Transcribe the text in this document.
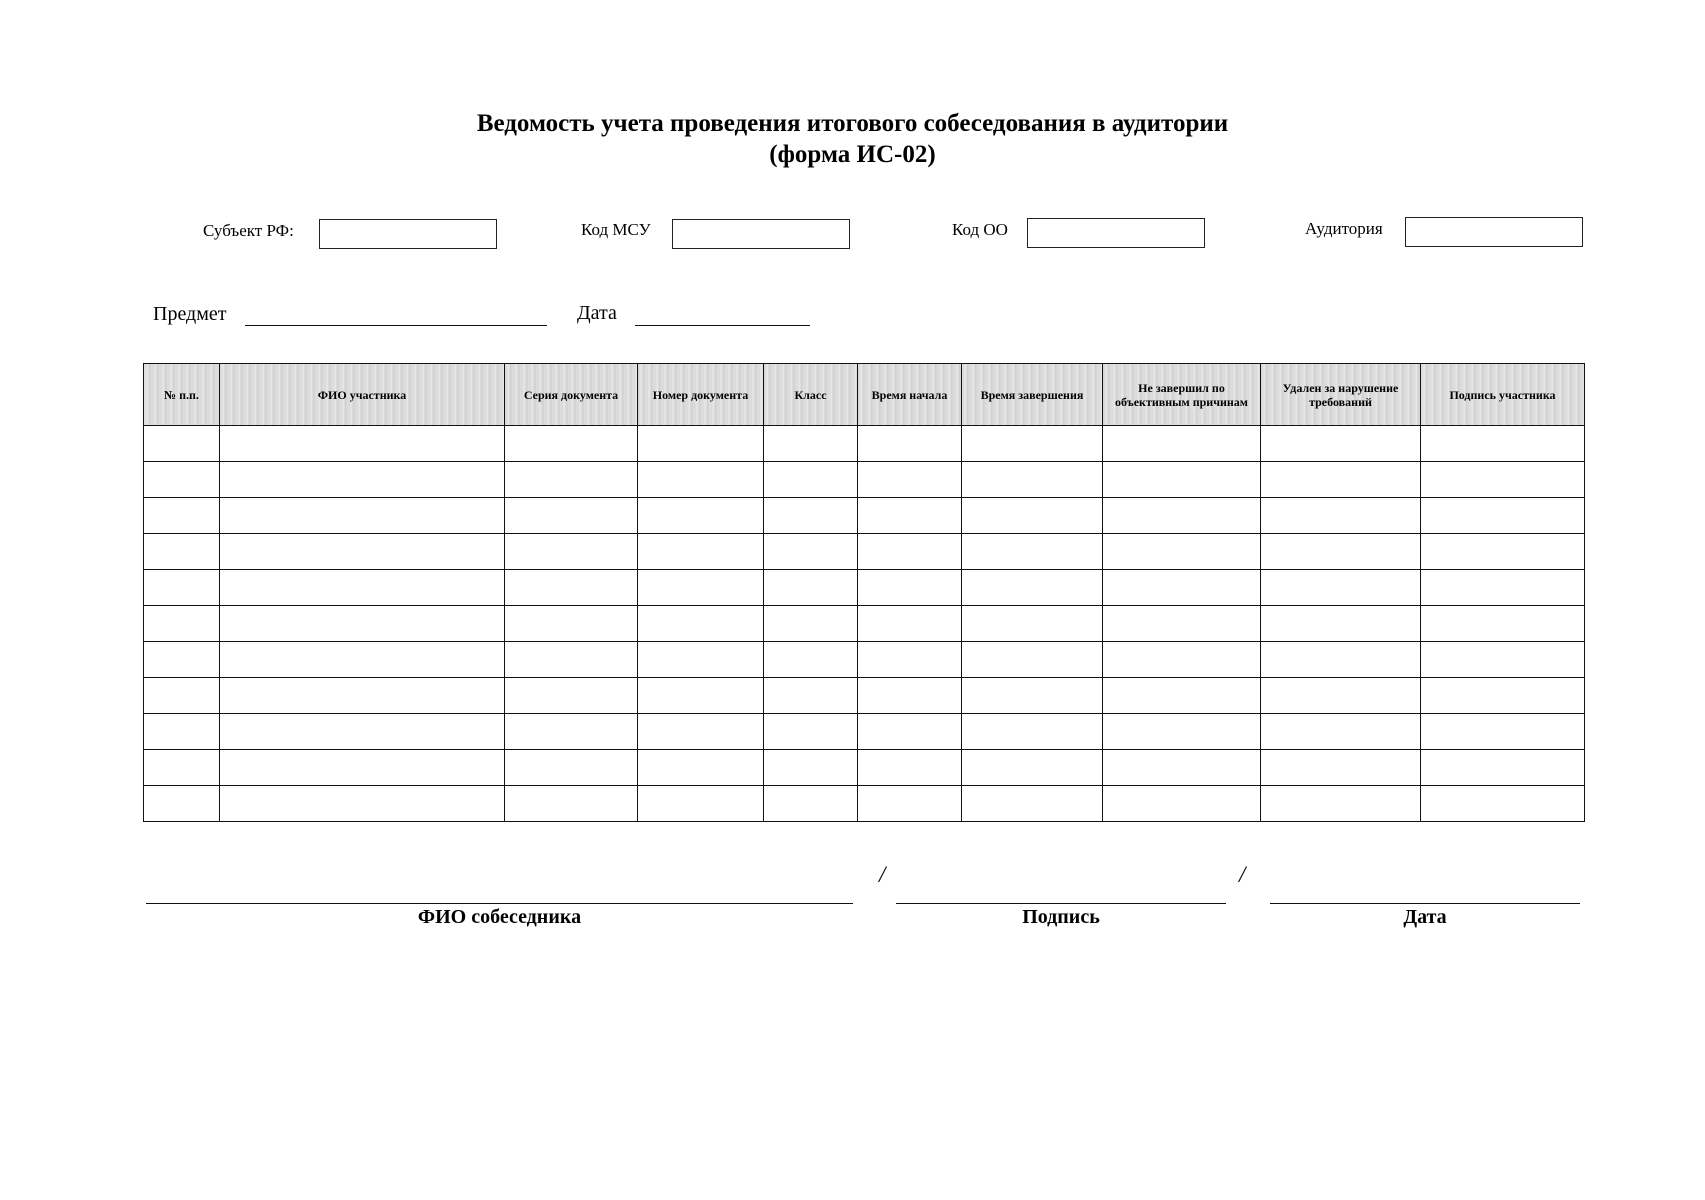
Ведомость учета проведения итогового собеседования в аудитории
(форма ИС-02)
Субъект РФ:	Код МСУ	Код ОО	Аудитория
Предмет	Дата
№ п.п.	ФИО участника	Серия документа	Номер документа	Класс	Время начала	Время завершения	Не завершил по объективным причинам	Удален за нарушение требований	Подпись участника

/	/
ФИО собеседника	Подпись	Дата
